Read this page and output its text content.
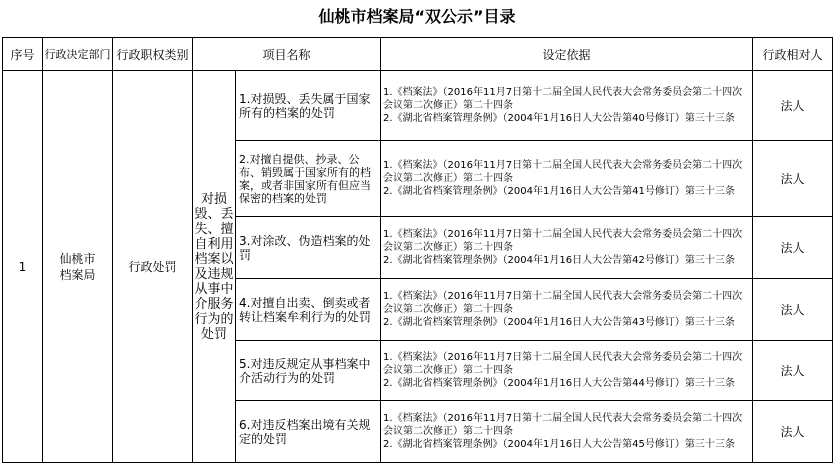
仙桃市档案局“双公示”目录
序号	行政决定部门	行政职权类别	项目名称		设定依据	行政相对人
1	仙桃市档案局	行政处罚	对损毁、丢失、擅自利用档案以及违规从事中介服务行为的处罚	1.对损毁、丢失属于国家所有的档案的处罚	1.《档案法》（2016年11月7日第十二届全国人民代表大会常务委员会第二十四次会议第二次修正）第二十四条
2.《湖北省档案管理条例》（2004年1月16日人大公告第40号修订）第三十三条	法人
				2.对擅自提供、抄录、公布、销毁属于国家所有的档案，或者非国家所有但应当保密的档案的处罚	1.《档案法》（2016年11月7日第十二届全国人民代表大会常务委员会第二十四次会议第二次修正）第二十四条
2.《湖北省档案管理条例》（2004年1月16日人大公告第41号修订）第三十三条	法人
				3.对涂改、伪造档案的处罚	1.《档案法》（2016年11月7日第十二届全国人民代表大会常务委员会第二十四次会议第二次修正）第二十四条
2.《湖北省档案管理条例》（2004年1月16日人大公告第42号修订）第三十三条	法人
				4.对擅自出卖、倒卖或者转让档案牟利行为的处罚	1.《档案法》（2016年11月7日第十二届全国人民代表大会常务委员会第二十四次会议第二次修正）第二十四条
2.《湖北省档案管理条例》（2004年1月16日人大公告第43号修订）第三十三条	法人
				5.对违反规定从事档案中介活动行为的处罚	1.《档案法》（2016年11月7日第十二届全国人民代表大会常务委员会第二十四次会议第二次修正）第二十四条
2.《湖北省档案管理条例》（2004年1月16日人大公告第44号修订）第三十三条	法人
				6.对违反档案出境有关规定的处罚	1.《档案法》（2016年11月7日第十二届全国人民代表大会常务委员会第二十四次会议第二次修正）第二十四条
2.《湖北省档案管理条例》（2004年1月16日人大公告第45号修订）第三十三条	法人
